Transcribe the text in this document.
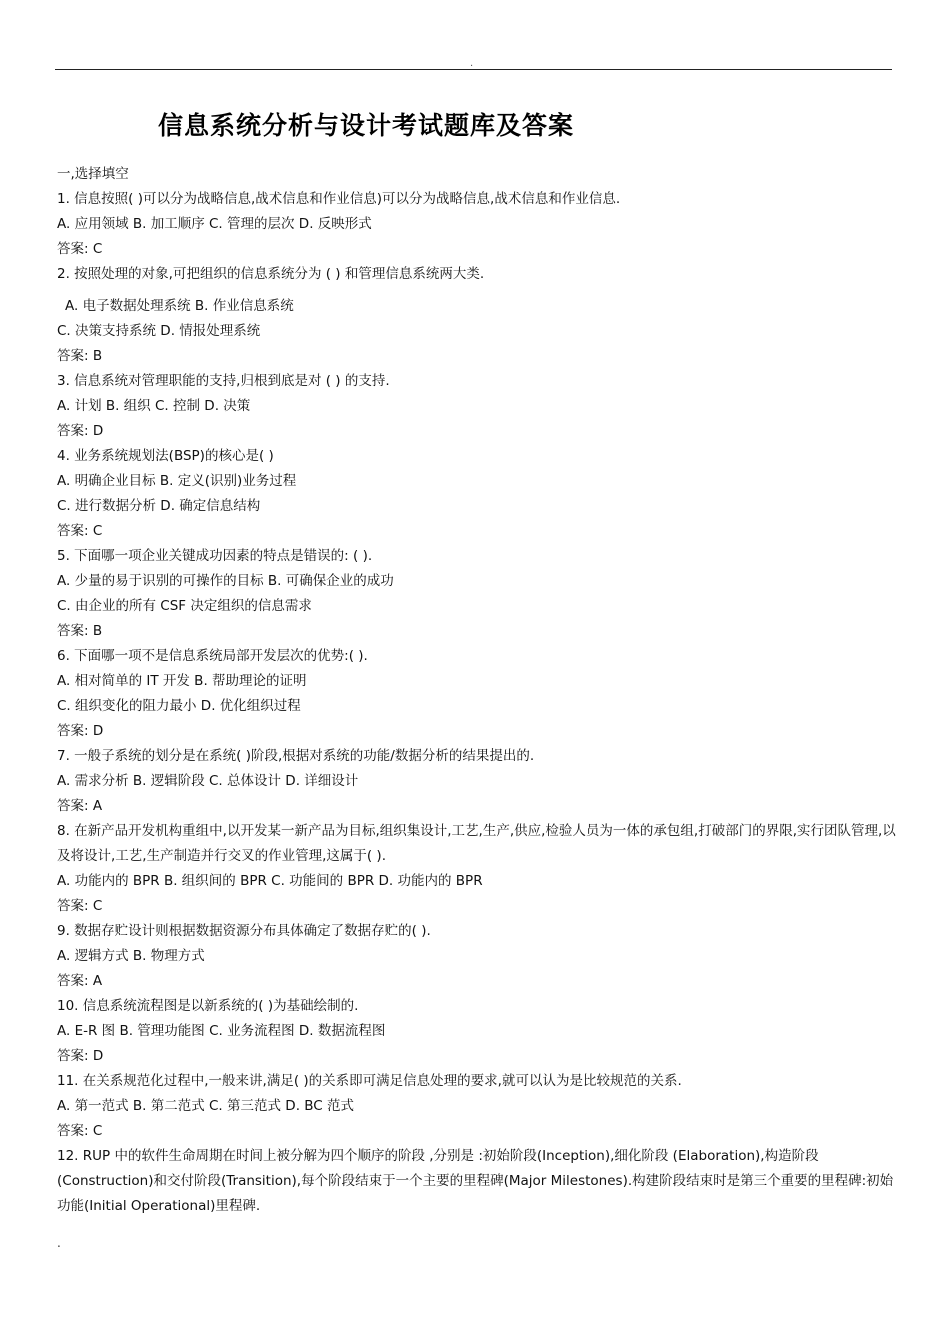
.
信息系统分析与设计考试题库及答案
一,选择填空
1. 信息按照( )可以分为战略信息,战术信息和作业信息)可以分为战略信息,战术信息和作业信息.
A. 应用领域 B. 加工顺序 C. 管理的层次 D. 反映形式
答案: C
2. 按照处理的对象,可把组织的信息系统分为 ( ) 和管理信息系统两大类.
A. 电子数据处理系统 B. 作业信息系统
C. 决策支持系统 D. 情报处理系统
答案: B
3. 信息系统对管理职能的支持,归根到底是对 ( ) 的支持.
A. 计划 B. 组织 C. 控制 D. 决策
答案: D
4. 业务系统规划法(BSP)的核心是( )
A. 明确企业目标 B. 定义(识别)业务过程
C. 进行数据分析 D. 确定信息结构
答案: C
5. 下面哪一项企业关键成功因素的特点是错误的: ( ).
A. 少量的易于识别的可操作的目标 B. 可确保企业的成功
C. 由企业的所有 CSF 决定组织的信息需求
答案: B
6. 下面哪一项不是信息系统局部开发层次的优势:( ).
A. 相对简单的 IT 开发 B. 帮助理论的证明
C. 组织变化的阻力最小 D. 优化组织过程
答案: D
7. 一般子系统的划分是在系统( )阶段,根据对系统的功能/数据分析的结果提出的.
A. 需求分析 B. 逻辑阶段 C. 总体设计 D. 详细设计
答案: A
8. 在新产品开发机构重组中,以开发某一新产品为目标,组织集设计,工艺,生产,供应,检验人员为一体的承包组,打破部门的界限,实行团队管理,以及将设计,工艺,生产制造并行交叉的作业管理,这属于( ).
A. 功能内的 BPR B. 组织间的 BPR C. 功能间的 BPR D. 功能内的 BPR
答案: C
9. 数据存贮设计则根据数据资源分布具体确定了数据存贮的( ).
A. 逻辑方式 B. 物理方式
答案: A
10. 信息系统流程图是以新系统的( )为基础绘制的.
A. E-R 图 B. 管理功能图 C. 业务流程图 D. 数据流程图
答案: D
11. 在关系规范化过程中,一般来讲,满足( )的关系即可满足信息处理的要求,就可以认为是比较规范的关系.
A. 第一范式 B. 第二范式 C. 第三范式 D. BC 范式
答案: C
12. RUP 中的软件生命周期在时间上被分解为四个顺序的阶段 ,分别是 :初始阶段(Inception),细化阶段 (Elaboration),构造阶段(Construction)和交付阶段(Transition),每个阶段结束于一个主要的里程碑(Major Milestones).构建阶段结束时是第三个重要的里程碑:初始功能(Initial Operational)里程碑.
.
